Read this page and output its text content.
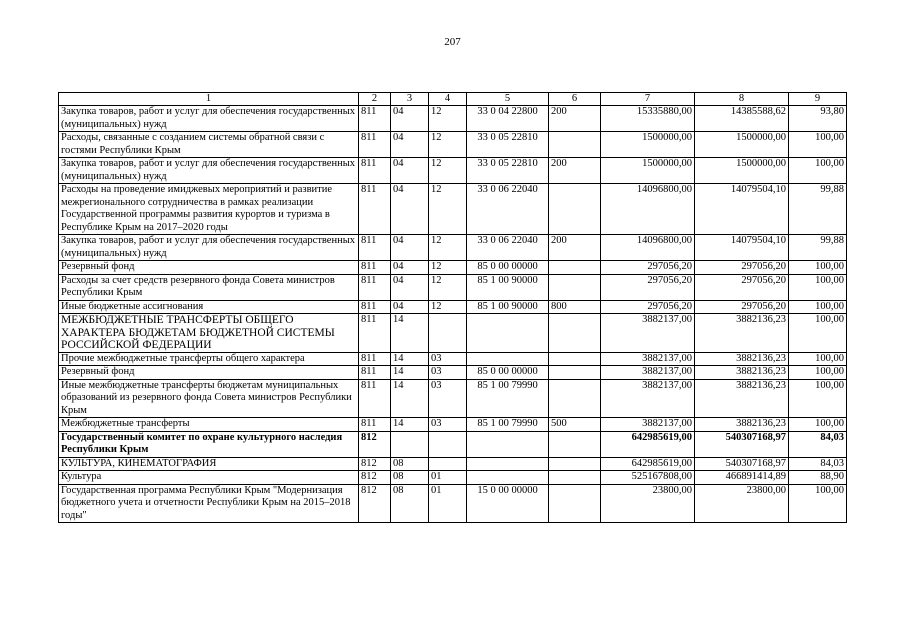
207
1	2	3	4	5	6	7	8	9
Закупка товаров, работ и услуг для обеспечения государственных (муниципальных) нужд	811	04	12	33 0 04 22800	200	15335880,00	14385588,62	93,80
Расходы, связанные с созданием системы обратной связи с гостями Республики Крым	811	04	12	33 0 05 22810		1500000,00	1500000,00	100,00
Закупка товаров, работ и услуг для обеспечения государственных (муниципальных) нужд	811	04	12	33 0 05 22810	200	1500000,00	1500000,00	100,00
Расходы на проведение имиджевых мероприятий и развитие межрегионального сотрудничества в рамках реализации Государственной программы развития курортов и туризма в Республике Крым на 2017–2020 годы	811	04	12	33 0 06 22040		14096800,00	14079504,10	99,88
Закупка товаров, работ и услуг для обеспечения государственных (муниципальных) нужд	811	04	12	33 0 06 22040	200	14096800,00	14079504,10	99,88
Резервный фонд	811	04	12	85 0 00 00000		297056,20	297056,20	100,00
Расходы за счет средств резервного фонда Совета министров Республики Крым	811	04	12	85 1 00 90000		297056,20	297056,20	100,00
Иные бюджетные ассигнования	811	04	12	85 1 00 90000	800	297056,20	297056,20	100,00
МЕЖБЮДЖЕТНЫЕ ТРАНСФЕРТЫ ОБЩЕГО ХАРАКТЕРА БЮДЖЕТАМ БЮДЖЕТНОЙ СИСТЕМЫ РОССИЙСКОЙ ФЕДЕРАЦИИ	811	14				3882137,00	3882136,23	100,00
Прочие межбюджетные трансферты общего характера	811	14	03			3882137,00	3882136,23	100,00
Резервный фонд	811	14	03	85 0 00 00000		3882137,00	3882136,23	100,00
Иные межбюджетные трансферты бюджетам муниципальных образований из резервного фонда Совета министров Республики Крым	811	14	03	85 1 00 79990		3882137,00	3882136,23	100,00
Межбюджетные трансферты	811	14	03	85 1 00 79990	500	3882137,00	3882136,23	100,00
Государственный комитет по охране культурного наследия Республики Крым	812					642985619,00	540307168,97	84,03
КУЛЬТУРА, КИНЕМАТОГРАФИЯ	812	08				642985619,00	540307168,97	84,03
Культура	812	08	01			525167808,00	466891414,89	88,90
Государственная программа Республики Крым "Модернизация бюджетного учета и отчетности Республики Крым на 2015–2018 годы"	812	08	01	15 0 00 00000		23800,00	23800,00	100,00
